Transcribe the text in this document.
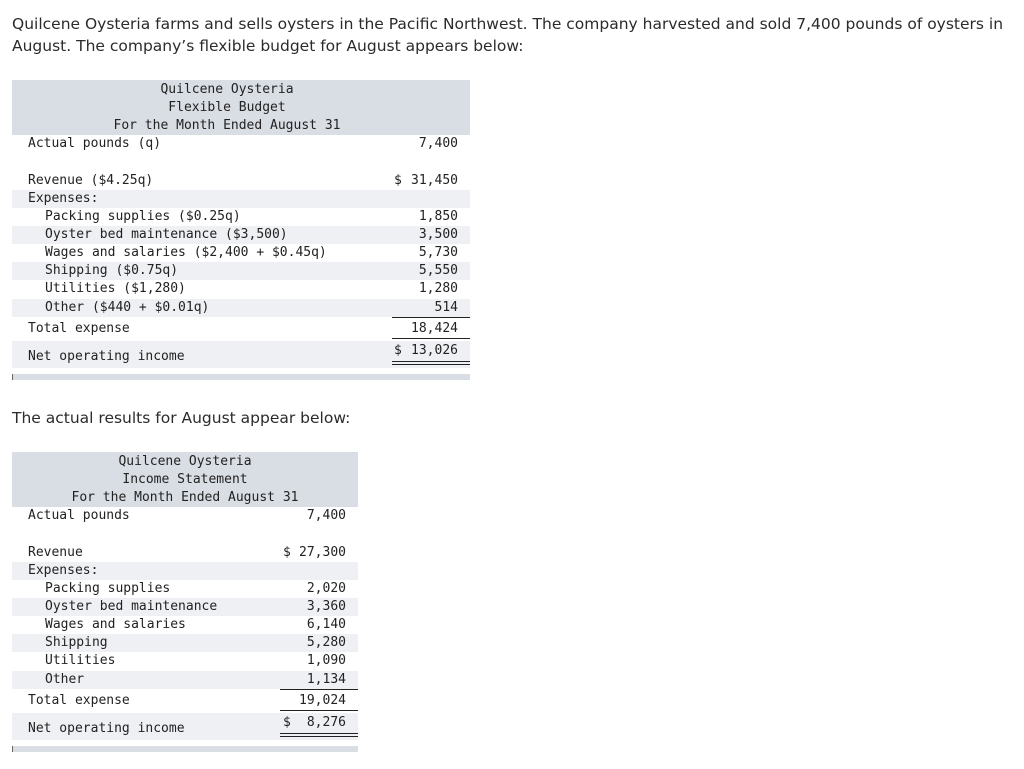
Quilcene Oysteria farms and sells oysters in the Pacific Northwest. The company harvested and sold 7,400 pounds of oysters in August. The company’s flexible budget for August appears below:
Quilcene Oysteria
Flexible Budget
For the Month Ended August 31
Actual pounds (q)	7,400
Revenue ($4.25q)	$ 31,450
Expenses:
Packing supplies ($0.25q)	1,850
Oyster bed maintenance ($3,500)	3,500
Wages and salaries ($2,400 + $0.45q)	5,730
Shipping ($0.75q)	5,550
Utilities ($1,280)	1,280
Other ($440 + $0.01q)	514
Total expense	18,424
Net operating income	$ 13,026
The actual results for August appear below:
Quilcene Oysteria
Income Statement
For the Month Ended August 31
Actual pounds	7,400
Revenue	$ 27,300
Expenses:
Packing supplies	2,020
Oyster bed maintenance	3,360
Wages and salaries	6,140
Shipping	5,280
Utilities	1,090
Other	1,134
Total expense	19,024
Net operating income	$	8,276
